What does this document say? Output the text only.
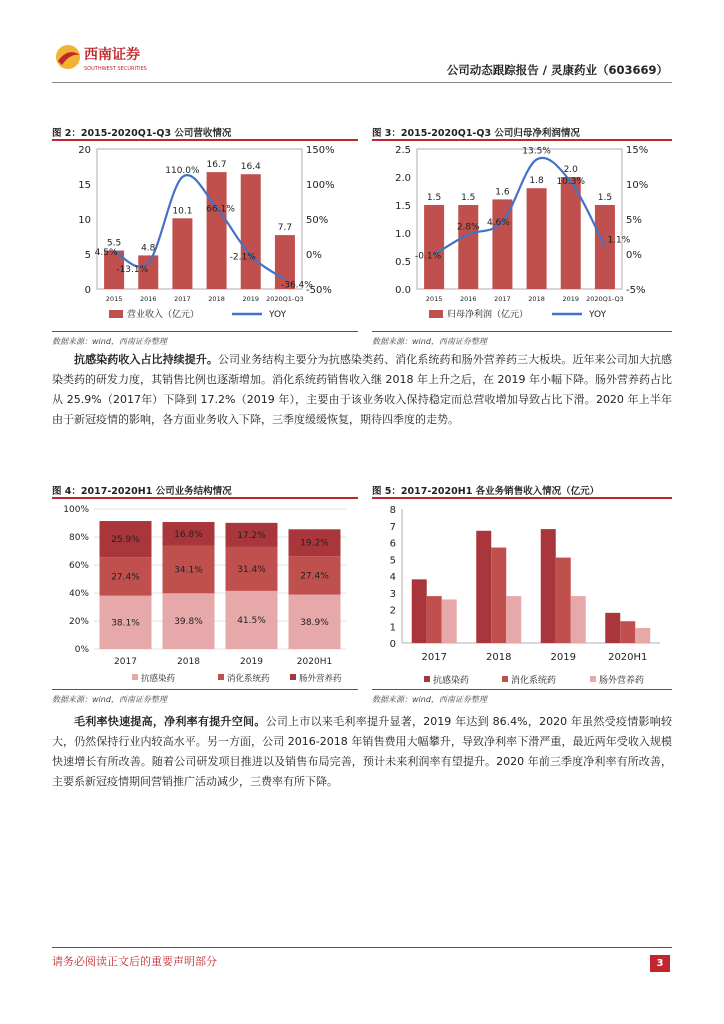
西南证券
SOUTHWEST SECURITIES	公司动态跟踪报告 / 灵康药业（603669）
图 2：2015-2020Q1-Q3 公司营收情况
0
5
10
15
20
-50%
0%
50%
100%
150%
5.5 4.8
10.1
16.7 16.4
7.7
4.5%
-13.1%
110.0%
66.1%
-2.1%
-36.4%
2015	2016	2017	2018	2019 2020Q1-Q3
营业收入（亿元）	YOY
数据来源：wind，西南证券整理
图 3：2015-2020Q1-Q3 公司归母净利润情况
0.0
0.5
1.0
1.5
2.0
2.5
-5%
0%
5%
10%
15%
1.5 1.5
1.6
1.8
2.0
1.5
-0.1%
2.8% 4.6%
13.5%
10.3%
1.1%
2015	2016	2017	2018	2019 2020Q1-Q3
归母净利润（亿元）	YOY
数据来源：wind，西南证券整理
抗感染药收入占比持续提升。公司业务结构主要分为抗感染类药、消化系统药和肠外营养药三大板块。近年来公司加大抗感染类药的研发力度，其销售比例也逐渐增加。消化系统药销售收入继 2018 年上升之后，在 2019 年小幅下降。肠外营养药占比从 25.9%（2017年）下降到 17.2%（2019 年），主要由于该业务收入保持稳定而总营收增加导致占比下滑。2020 年上半年由于新冠疫情的影响，各方面业务收入下降，三季度缓缓恢复，期待四季度的走势。
图 4：2017-2020H1 公司业务结构情况
0%
20%
40%
60%
80%
100%
38.1%
27.4%
25.9%
2017
39.8%
34.1%
16.8%
2018
41.5%
31.4%
17.2%
2019
38.9%
27.4%
19.2%
2020H1
抗感染药	消化系统药	肠外营养药
数据来源：wind，西南证券整理
图 5：2017-2020H1 各业务销售收入情况（亿元）
0
1
2
3
4
5
6
7
8
2017	2018	2019	2020H1
抗感染药	消化系统药	肠外营养药
数据来源：wind，西南证券整理
毛利率快速提高，净利率有提升空间。公司上市以来毛利率提升显著，2019 年达到 86.4%，2020 年虽然受疫情影响较大，仍然保持行业内较高水平。另一方面，公司 2016-2018 年销售费用大幅攀升，导致净利率下滑严重，最近两年受收入规模快速增长有所改善。随着公司研发项目推进以及销售布局完善，预计未来利润率有望提升。2020 年前三季度净利率有所改善，主要系新冠疫情期间营销推广活动减少，三费率有所下降。
请务必阅读正文后的重要声明部分	3
